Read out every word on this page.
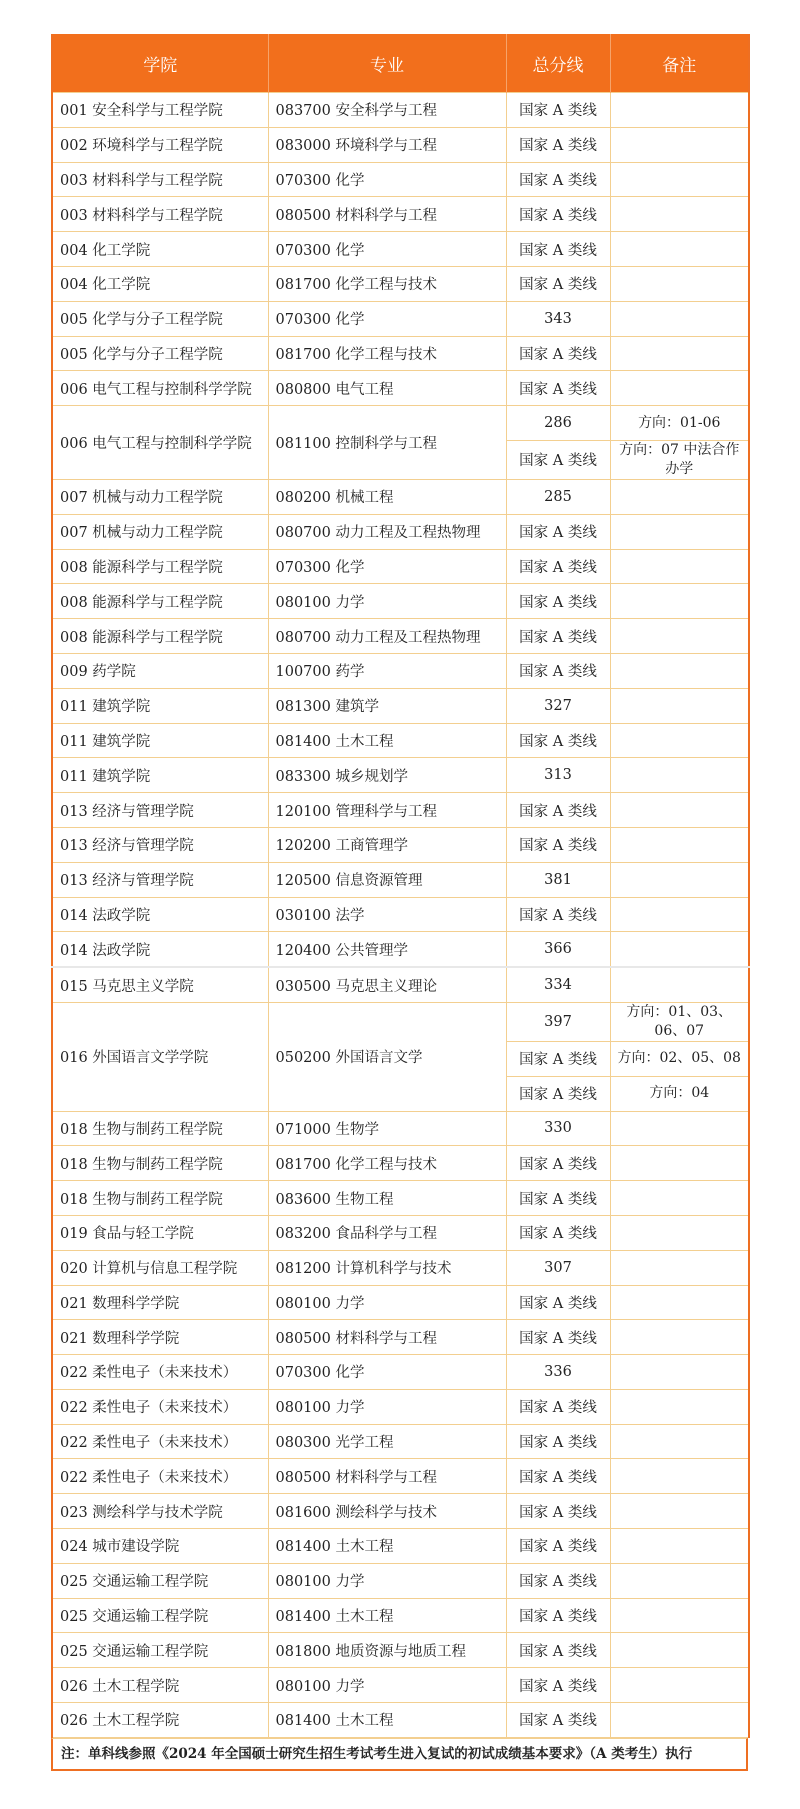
学院	专业	总分线	备注
001 安全科学与工程学院	083700 安全科学与工程	国家 A 类线	
002 环境科学与工程学院	083000 环境科学与工程	国家 A 类线	
003 材料科学与工程学院	070300 化学	国家 A 类线	
003 材料科学与工程学院	080500 材料科学与工程	国家 A 类线	
004 化工学院	070300 化学	国家 A 类线	
004 化工学院	081700 化学工程与技术	国家 A 类线	
005 化学与分子工程学院	070300 化学	343	
005 化学与分子工程学院	081700 化学工程与技术	国家 A 类线	
006 电气工程与控制科学学院	080800 电气工程	国家 A 类线	
006 电气工程与控制科学学院	081100 控制科学与工程	286	方向：01-06
		国家 A 类线	方向：07 中法合作办学
007 机械与动力工程学院	080200 机械工程	285	
007 机械与动力工程学院	080700 动力工程及工程热物理	国家 A 类线	
008 能源科学与工程学院	070300 化学	国家 A 类线	
008 能源科学与工程学院	080100 力学	国家 A 类线	
008 能源科学与工程学院	080700 动力工程及工程热物理	国家 A 类线	
009 药学院	100700 药学	国家 A 类线	
011 建筑学院	081300 建筑学	327	
011 建筑学院	081400 土木工程	国家 A 类线	
011 建筑学院	083300 城乡规划学	313	
013 经济与管理学院	120100 管理科学与工程	国家 A 类线	
013 经济与管理学院	120200 工商管理学	国家 A 类线	
013 经济与管理学院	120500 信息资源管理	381	
014 法政学院	030100 法学	国家 A 类线	
014 法政学院	120400 公共管理学	366	
015 马克思主义学院	030500 马克思主义理论	334	
016 外国语言文学学院	050200 外国语言文学	397	方向：01、03、06、07
		国家 A 类线	方向：02、05、08
		国家 A 类线	方向：04
018 生物与制药工程学院	071000 生物学	330	
018 生物与制药工程学院	081700 化学工程与技术	国家 A 类线	
018 生物与制药工程学院	083600 生物工程	国家 A 类线	
019 食品与轻工学院	083200 食品科学与工程	国家 A 类线	
020 计算机与信息工程学院	081200 计算机科学与技术	307	
021 数理科学学院	080100 力学	国家 A 类线	
021 数理科学学院	080500 材料科学与工程	国家 A 类线	
022 柔性电子（未来技术）	070300 化学	336	
022 柔性电子（未来技术）	080100 力学	国家 A 类线	
022 柔性电子（未来技术）	080300 光学工程	国家 A 类线	
022 柔性电子（未来技术）	080500 材料科学与工程	国家 A 类线	
023 测绘科学与技术学院	081600 测绘科学与技术	国家 A 类线	
024 城市建设学院	081400 土木工程	国家 A 类线	
025 交通运输工程学院	080100 力学	国家 A 类线	
025 交通运输工程学院	081400 土木工程	国家 A 类线	
025 交通运输工程学院	081800 地质资源与地质工程	国家 A 类线	
026 土木工程学院	080100 力学	国家 A 类线	
026 土木工程学院	081400 土木工程	国家 A 类线	
注：单科线参照《2024 年全国硕士研究生招生考试考生进入复试的初试成绩基本要求》（A 类考生）执行
